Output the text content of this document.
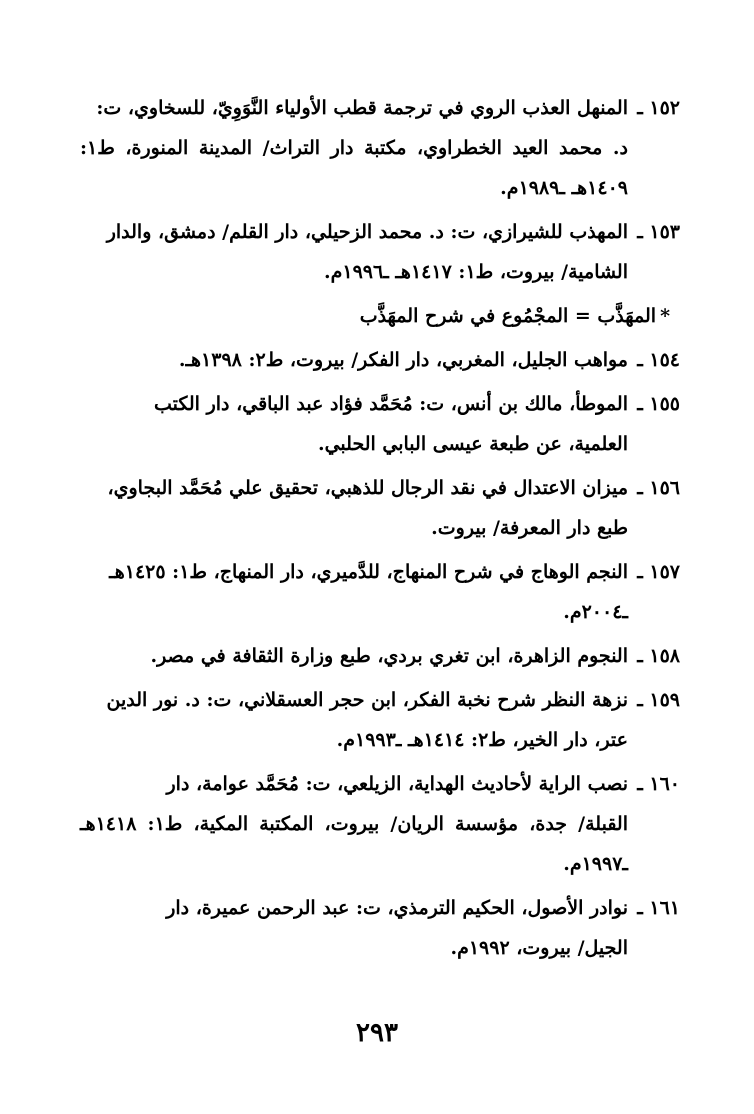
١٥٢ ـ
المنهل العذب الروي في ترجمة قطب الأولياء النَّوَوِيّ، للسخاوي، ت:
د. محمد العيد الخطراوي، مكتبة دار التراث/ المدينة المنورة، ط١: ١٤٠٩هـ ـ١٩٨٩م.
١٥٣ ـ
المهذب للشيرازي، ت: د. محمد الزحيلي، دار القلم/ دمشق، والدار
الشامية/ بيروت، ط١: ١٤١٧هـ ـ١٩٩٦م.
*المهَذَّب = المجْمُوع في شرح المهَذَّب
١٥٤ ـ
مواهب الجليل، المغربي، دار الفكر/ بيروت، ط٢: ١٣٩٨هـ.
١٥٥ ـ
الموطأ، مالك بن أنس، ت: مُحَمَّد فؤاد عبد الباقي، دار الكتب
العلمية، عن طبعة عيسى البابي الحلبي.
١٥٦ ـ
ميزان الاعتدال في نقد الرجال للذهبي، تحقيق علي مُحَمَّد البجاوي،
طبع دار المعرفة/ بيروت.
١٥٧ ـ
النجم الوهاج في شرح المنهاج، للدَّميري، دار المنهاج، ط١: ١٤٢٥هـ
ـ٢٠٠٤م.
١٥٨ ـ
النجوم الزاهرة، ابن تغري بردي، طبع وزارة الثقافة في مصر.
١٥٩ ـ
نزهة النظر شرح نخبة الفكر، ابن حجر العسقلاني، ت: د. نور الدين
عتر، دار الخير، ط٢: ١٤١٤هـ ـ١٩٩٣م.
١٦٠ ـ
نصب الراية لأحاديث الهداية، الزيلعي، ت: مُحَمَّد عوامة، دار
القبلة/ جدة، مؤسسة الريان/ بيروت، المكتبة المكية، ط١: ١٤١٨هـ ـ١٩٩٧م.
١٦١ ـ
نوادر الأصول، الحكيم الترمذي، ت: عبد الرحمن عميرة، دار
الجيل/ بيروت، ١٩٩٢م.
٢٩٣
